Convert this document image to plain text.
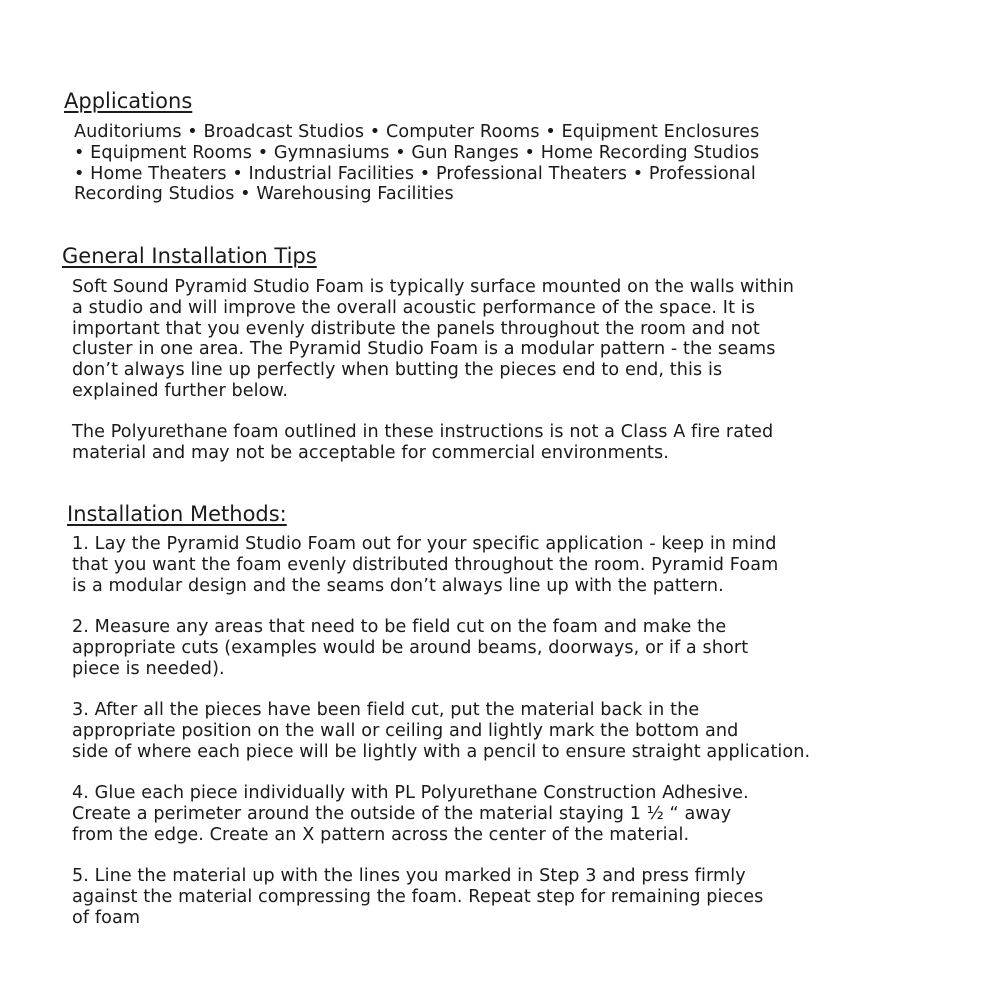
Applications

Auditoriums • Broadcast Studios • Computer Rooms • Equipment Enclosures
• Equipment Rooms • Gymnasiums • Gun Ranges • Home Recording Studios
• Home Theaters • Industrial Facilities • Professional Theaters • Professional
Recording Studios • Warehousing Facilities

General Installation Tips

Soft Sound Pyramid Studio Foam is typically surface mounted on the walls within
a studio and will improve the overall acoustic performance of the space. It is
important that you evenly distribute the panels throughout the room and not
cluster in one area. The Pyramid Studio Foam is a modular pattern - the seams
don’t always line up perfectly when butting the pieces end to end, this is
explained further below.

The Polyurethane foam outlined in these instructions is not a Class A fire rated
material and may not be acceptable for commercial environments.

Installation Methods:

1. Lay the Pyramid Studio Foam out for your specific application - keep in mind
that you want the foam evenly distributed throughout the room. Pyramid Foam
is a modular design and the seams don’t always line up with the pattern.

2. Measure any areas that need to be field cut on the foam and make the
appropriate cuts (examples would be around beams, doorways, or if a short
piece is needed).

3. After all the pieces have been field cut, put the material back in the
appropriate position on the wall or ceiling and lightly mark the bottom and
side of where each piece will be lightly with a pencil to ensure straight application.

4. Glue each piece individually with PL Polyurethane Construction Adhesive.
Create a perimeter around the outside of the material staying 1 ½ “ away
from the edge. Create an X pattern across the center of the material.

5. Line the material up with the lines you marked in Step 3 and press firmly
against the material compressing the foam. Repeat step for remaining pieces
of foam
